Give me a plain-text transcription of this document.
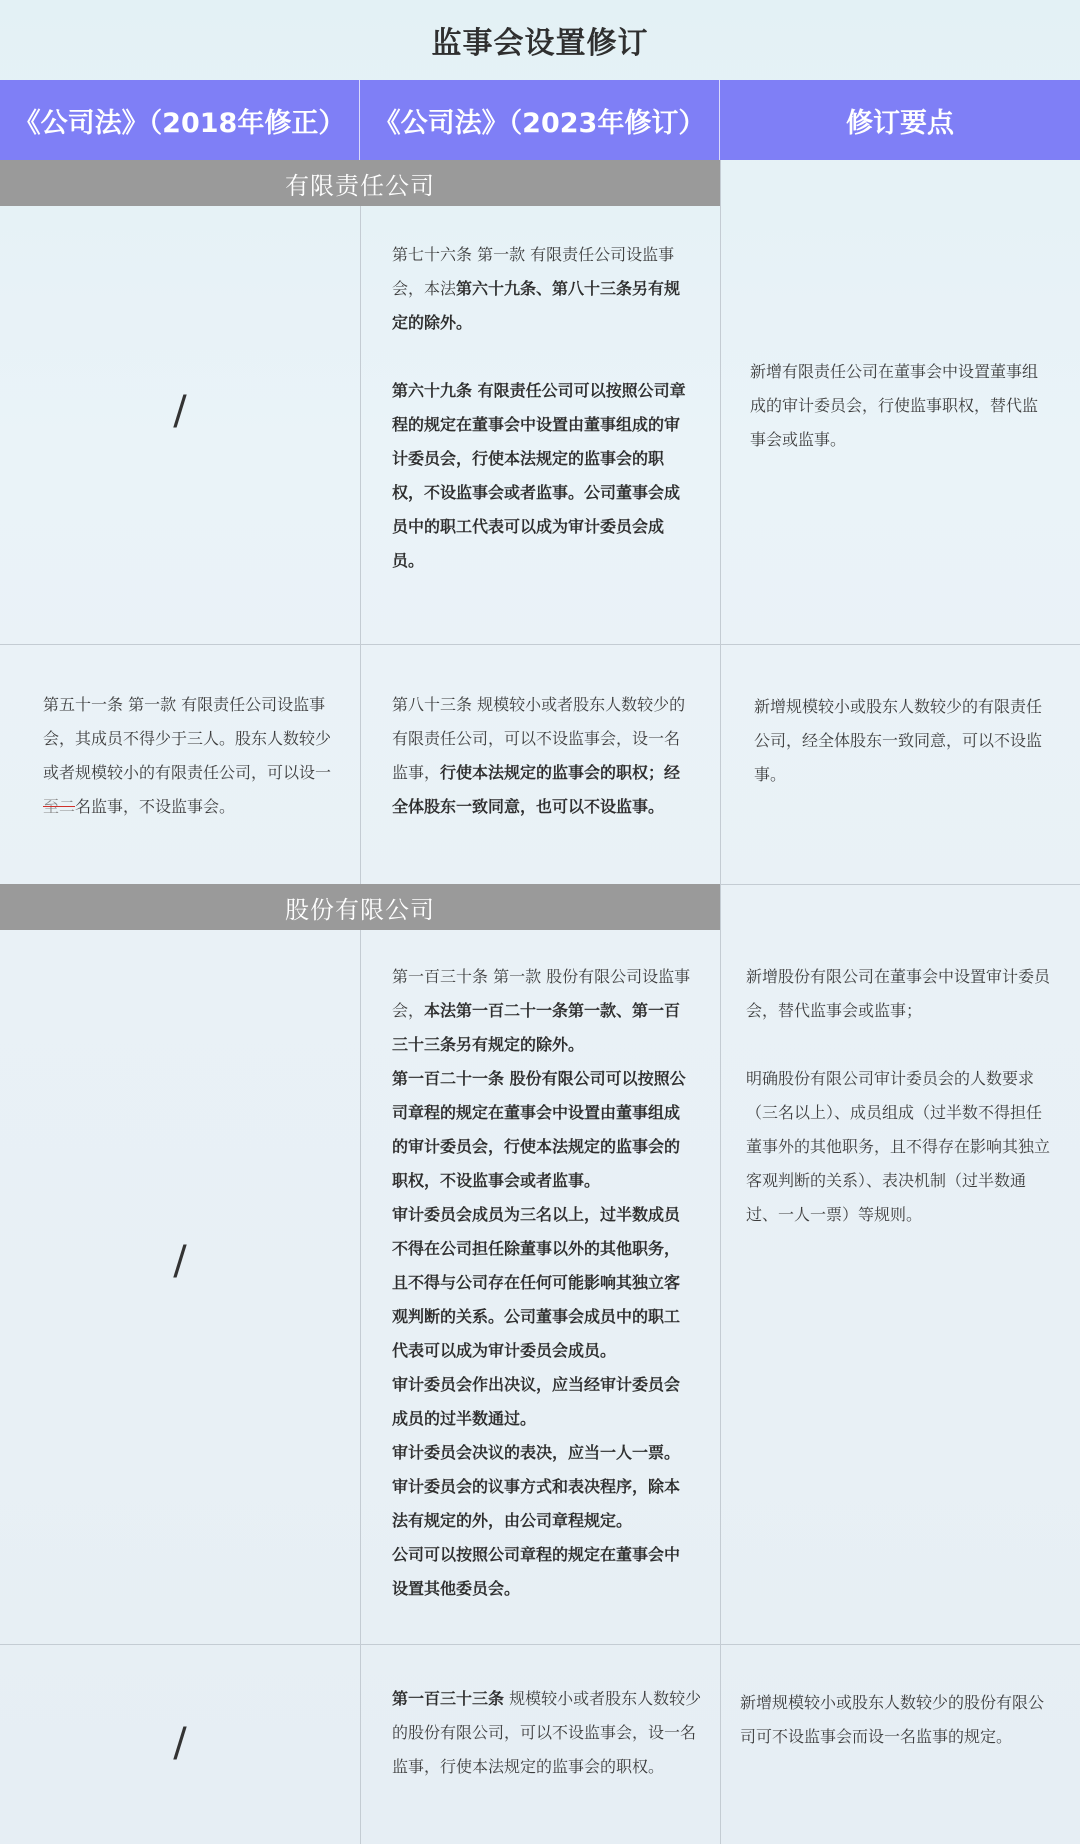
监事会设置修订
《公司法》（2018年修正）	《公司法》（2023年修订）	修订要点
有限责任公司
/

第七十六条 第一款 有限责任公司设监事会，本法第六十九条、第八十三条另有规定的除外。

第六十九条 有限责任公司可以按照公司章程的规定在董事会中设置由董事组成的审计委员会，行使本法规定的监事会的职权，不设监事会或者监事。公司董事会成员中的职工代表可以成为审计委员会成员。

新增有限责任公司在董事会中设置董事组成的审计委员会，行使监事职权，替代监事会或监事。
第五十一条 第一款 有限责任公司设监事会，其成员不得少于三人。股东人数较少或者规模较小的有限责任公司，可以设一至二名监事，不设监事会。
第八十三条 规模较小或者股东人数较少的有限责任公司，可以不设监事会，设一名监事，行使本法规定的监事会的职权；经全体股东一致同意，也可以不设监事。
新增规模较小或股东人数较少的有限责任公司，经全体股东一致同意，可以不设监事。
股份有限公司
/

第一百三十条 第一款 股份有限公司设监事会，本法第一百二十一条第一款、第一百三十三条另有规定的除外。

第一百二十一条 股份有限公司可以按照公司章程的规定在董事会中设置由董事组成的审计委员会，行使本法规定的监事会的职权，不设监事会或者监事。

审计委员会成员为三名以上，过半数成员不得在公司担任除董事以外的其他职务，且不得与公司存在任何可能影响其独立客观判断的关系。公司董事会成员中的职工代表可以成为审计委员会成员。

审计委员会作出决议，应当经审计委员会成员的过半数通过。

审计委员会决议的表决，应当一人一票。

审计委员会的议事方式和表决程序，除本法有规定的外，由公司章程规定。

公司可以按照公司章程的规定在董事会中设置其他委员会。

新增股份有限公司在董事会中设置审计委员会，替代监事会或监事；

明确股份有限公司审计委员会的人数要求（三名以上）、成员组成（过半数不得担任董事外的其他职务，且不得存在影响其独立客观判断的关系）、表决机制（过半数通过、一人一票）等规则。

/
第一百三十三条 规模较小或者股东人数较少的股份有限公司，可以不设监事会，设一名监事，行使本法规定的监事会的职权。
新增规模较小或股东人数较少的股份有限公司可不设监事会而设一名监事的规定。
